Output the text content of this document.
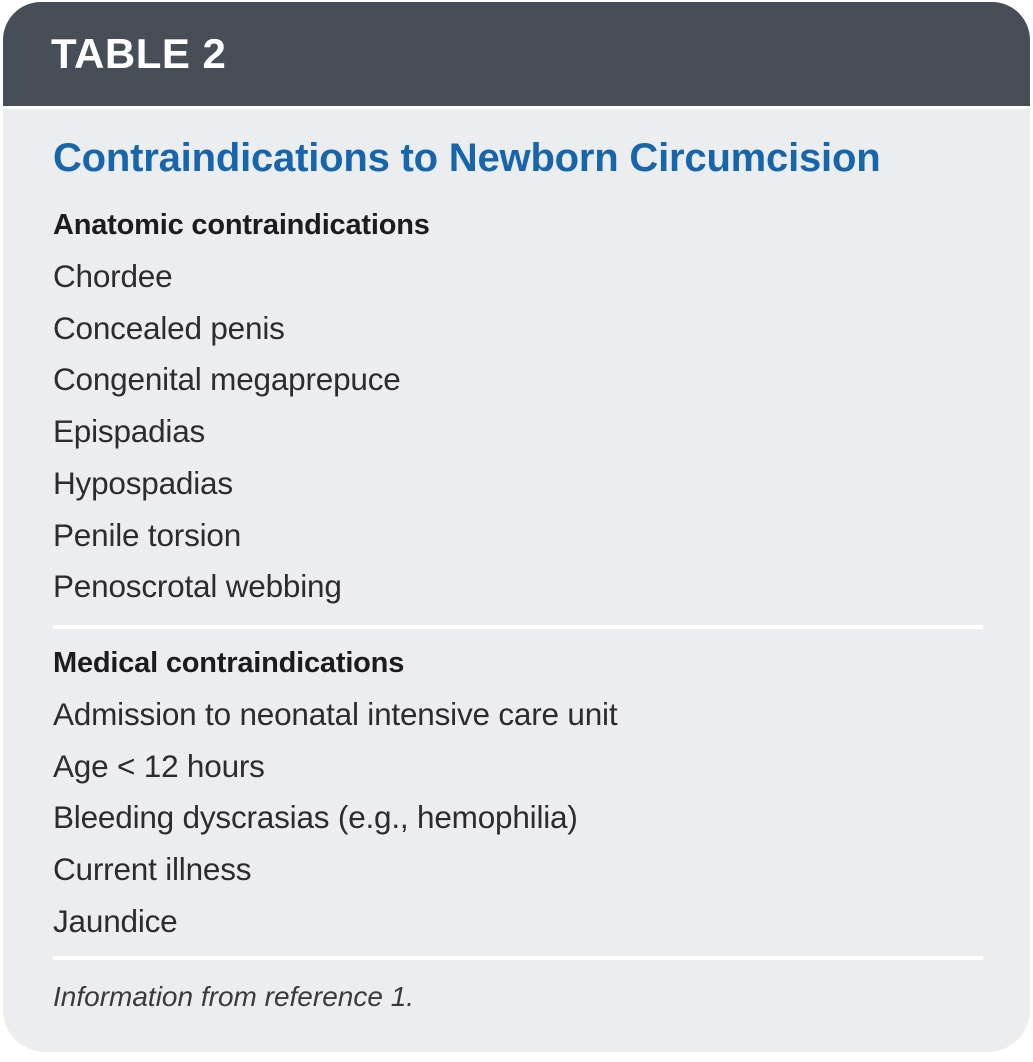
TABLE 2
Contraindications to Newborn Circumcision
Anatomic contraindications
Chordee
Concealed penis
Congenital megaprepuce
Epispadias
Hypospadias
Penile torsion
Penoscrotal webbing
Medical contraindications
Admission to neonatal intensive care unit
Age < 12 hours
Bleeding dyscrasias (e.g., hemophilia)
Current illness
Jaundice
Information from reference 1.
